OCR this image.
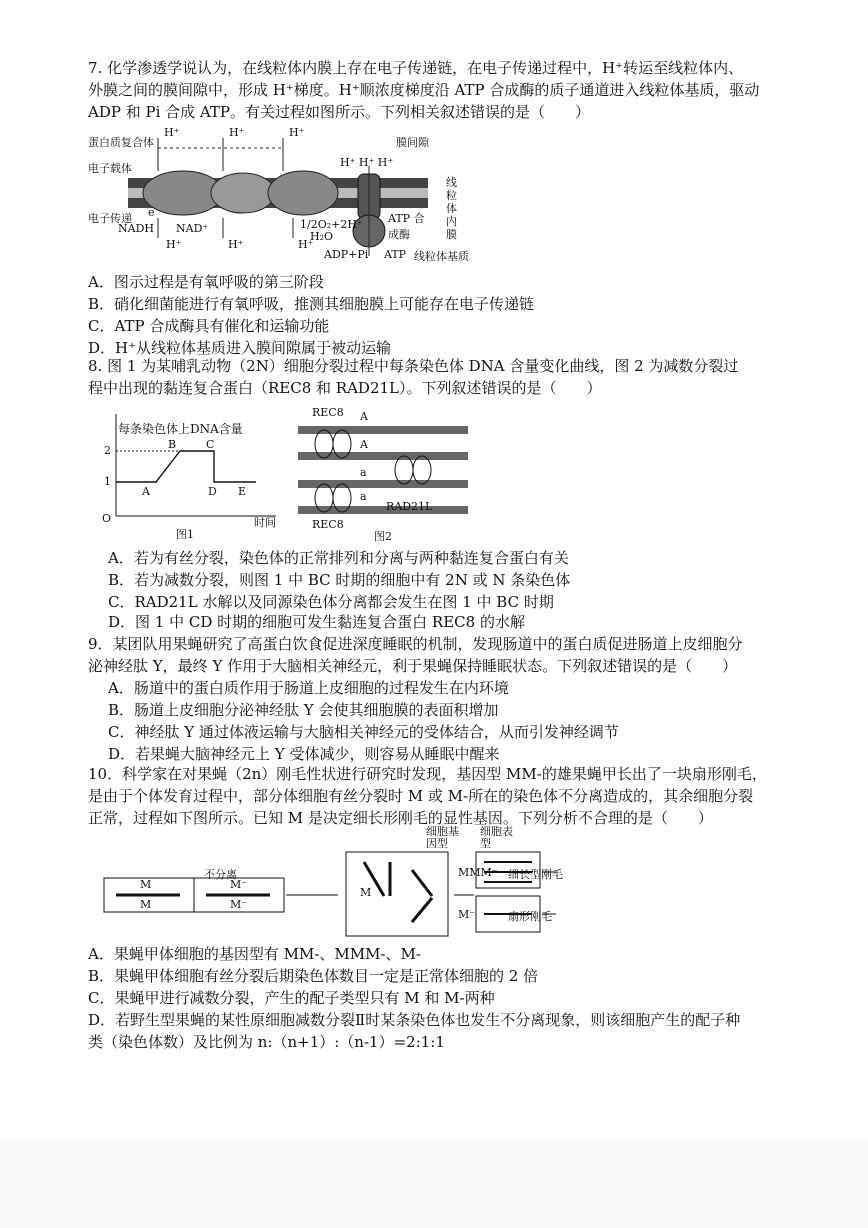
7. 化学渗透学说认为，在线粒体内膜上存在电子传递链，在电子传递过程中，H⁺转运至线粒体内、
外膜之间的膜间隙中，形成 H⁺梯度。H⁺顺浓度梯度沿 ATP 合成酶的质子通道进入线粒体基质，驱动
ADP 和 Pi 合成 ATP。有关过程如图所示。下列相关叙述错误的是（　　）
蛋白质复合体
电子载体
电子传递 e
H⁺	H⁺	H⁺
膜间隙
H⁺ H⁺ H⁺
NADH NAD⁺
H⁺	H⁺	H⁺
1/2O₂+2H⁺
H₂O
ATP 合成酶
ADP+Pi ATP 线粒体基质
线粒体内膜
A．图示过程是有氧呼吸的第三阶段
B．硝化细菌能进行有氧呼吸，推测其细胞膜上可能存在电子传递链
C．ATP 合成酶具有催化和运输功能
D．H⁺从线粒体基质进入膜间隙属于被动运输
8. 图 1 为某哺乳动物（2N）细胞分裂过程中每条染色体 DNA 含量变化曲线，图 2 为减数分裂过
程中出现的黏连复合蛋白（REC8 和 RAD21L）。下列叙述错误的是（　　）
每条染色体上DNA含量
2
1
O
A
B	C
D E
时间
图1
REC8 A
A
a
a
RAD21L
REC8
图2
A．若为有丝分裂，染色体的正常排列和分离与两种黏连复合蛋白有关
B．若为减数分裂，则图 1 中 BC 时期的细胞中有 2N 或 N 条染色体
C．RAD21L 水解以及同源染色体分离都会发生在图 1 中 BC 时期
D．图 1 中 CD 时期的细胞可发生黏连复合蛋白 REC8 的水解
9．某团队用果蝇研究了高蛋白饮食促进深度睡眠的机制，发现肠道中的蛋白质促进肠道上皮细胞分
泌神经肽 Y，最终 Y 作用于大脑相关神经元，利于果蝇保持睡眠状态。下列叙述错误的是（　　）
A．肠道中的蛋白质作用于肠道上皮细胞的过程发生在内环境
B．肠道上皮细胞分泌神经肽 Y 会使其细胞膜的表面积增加
C．神经肽 Y 通过体液运输与大脑相关神经元的受体结合，从而引发神经调节
D．若果蝇大脑神经元上 Y 受体减少，则容易从睡眠中醒来
10．科学家在对果蝇（2n）刚毛性状进行研究时发现，基因型 MM-的雄果蝇甲长出了一块扇形刚毛，
是由于个体发育过程中，部分体细胞有丝分裂时 M 或 M-所在的染色体不分离造成的，其余细胞分裂
正常，过程如下图所示。已知 M 是决定细长形刚毛的显性基因。下列分析不合理的是（　　）
细胞基因型
细胞表型
不分离
M
M
M⁻
M⁻
M
MMM⁻ 细长型刚毛
M⁻	扇形刚毛
A．果蝇甲体细胞的基因型有 MM-、MMM-、M-
B．果蝇甲体细胞有丝分裂后期染色体数目一定是正常体细胞的 2 倍
C．果蝇甲进行减数分裂，产生的配子类型只有 M 和 M-两种
D．若野生型果蝇的某性原细胞减数分裂Ⅱ时某条染色体也发生不分离现象，则该细胞产生的配子种
类（染色体数）及比例为 n:（n+1）:（n-1）=2:1:1
